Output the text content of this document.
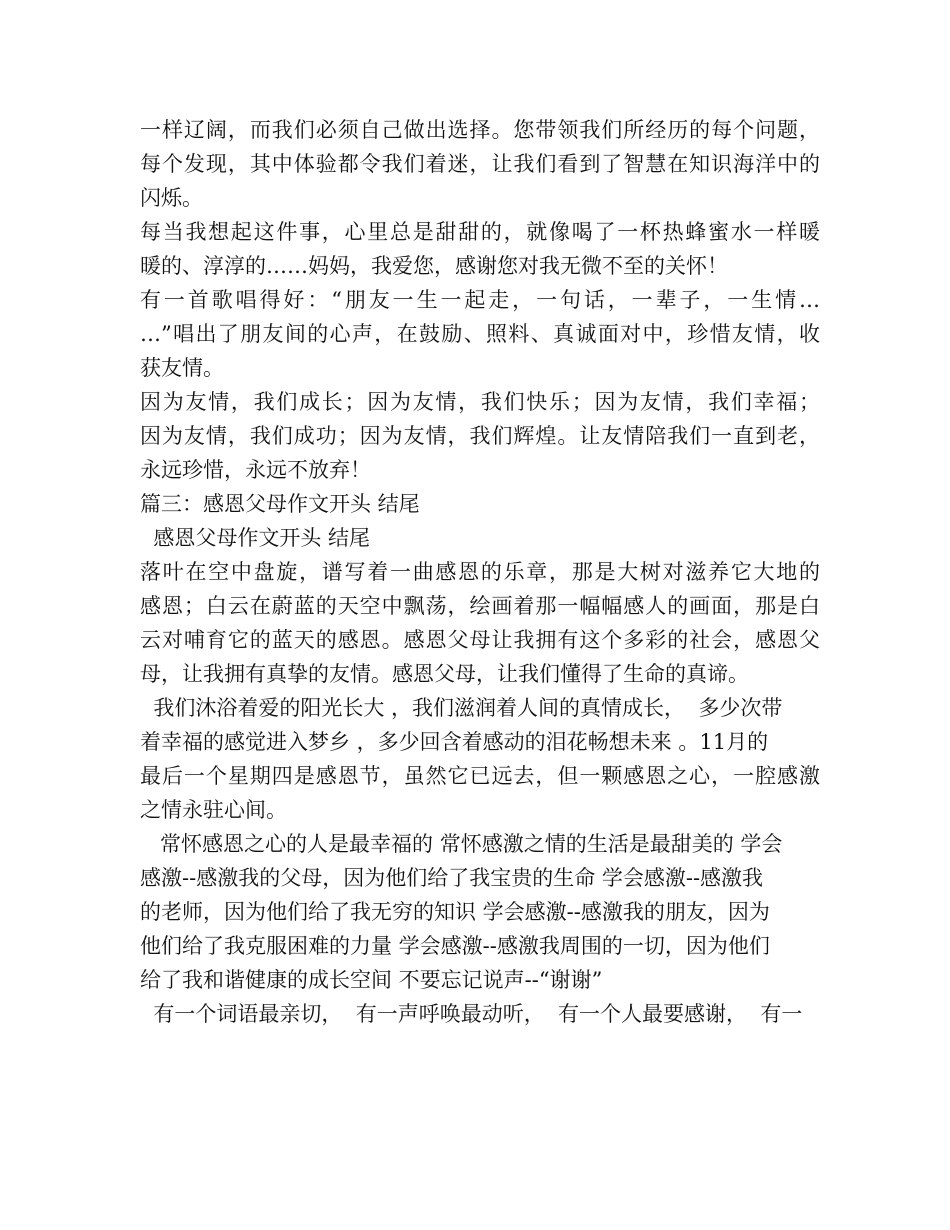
一样辽阔，而我们必须自己做出选择。您带领我们所经历的每个问题，
每个发现，其中体验都令我们着迷，让我们看到了智慧在知识海洋中的
闪烁。
每当我想起这件事，心里总是甜甜的，就像喝了一杯热蜂蜜水一样暖
暖的、淳淳的……妈妈，我爱您，感谢您对我无微不至的关怀！
有一首歌唱得好：“朋友一生一起走，一句话，一辈子，一生情…
…”唱出了朋友间的心声，在鼓励、照料、真诚面对中，珍惜友情，收
获友情。
因为友情，我们成长；因为友情，我们快乐；因为友情，我们幸福；
因为友情，我们成功；因为友情，我们辉煌。让友情陪我们一直到老，
永远珍惜，永远不放弃！
篇三：感恩父母作文开头 结尾
感恩父母作文开头 结尾
落叶在空中盘旋，谱写着一曲感恩的乐章，那是大树对滋养它大地的
感恩；白云在蔚蓝的天空中飘荡，绘画着那一幅幅感人的画面，那是白
云对哺育它的蓝天的感恩。感恩父母让我拥有这个多彩的社会，感恩父
母，让我拥有真挚的友情。感恩父母，让我们懂得了生命的真谛。
我们沐浴着爱的阳光长大 ，我们滋润着人间的真情成长，  多少次带
着幸福的感觉进入梦乡 ，多少回含着感动的泪花畅想未来 。11月的
最后一个星期四是感恩节，虽然它已远去，但一颗感恩之心，一腔感激
之情永驻心间。
常怀感恩之心的人是最幸福的 常怀感激之情的生活是最甜美的 学会
感激--感激我的父母，因为他们给了我宝贵的生命 学会感激--感激我
的老师，因为他们给了我无穷的知识 学会感激--感激我的朋友，因为
他们给了我克服困难的力量 学会感激--感激我周围的一切，因为他们
给了我和谐健康的成长空间 不要忘记说声--“谢谢”
有一个词语最亲切，  有一声呼唤最动听，  有一个人最要感谢，  有一
